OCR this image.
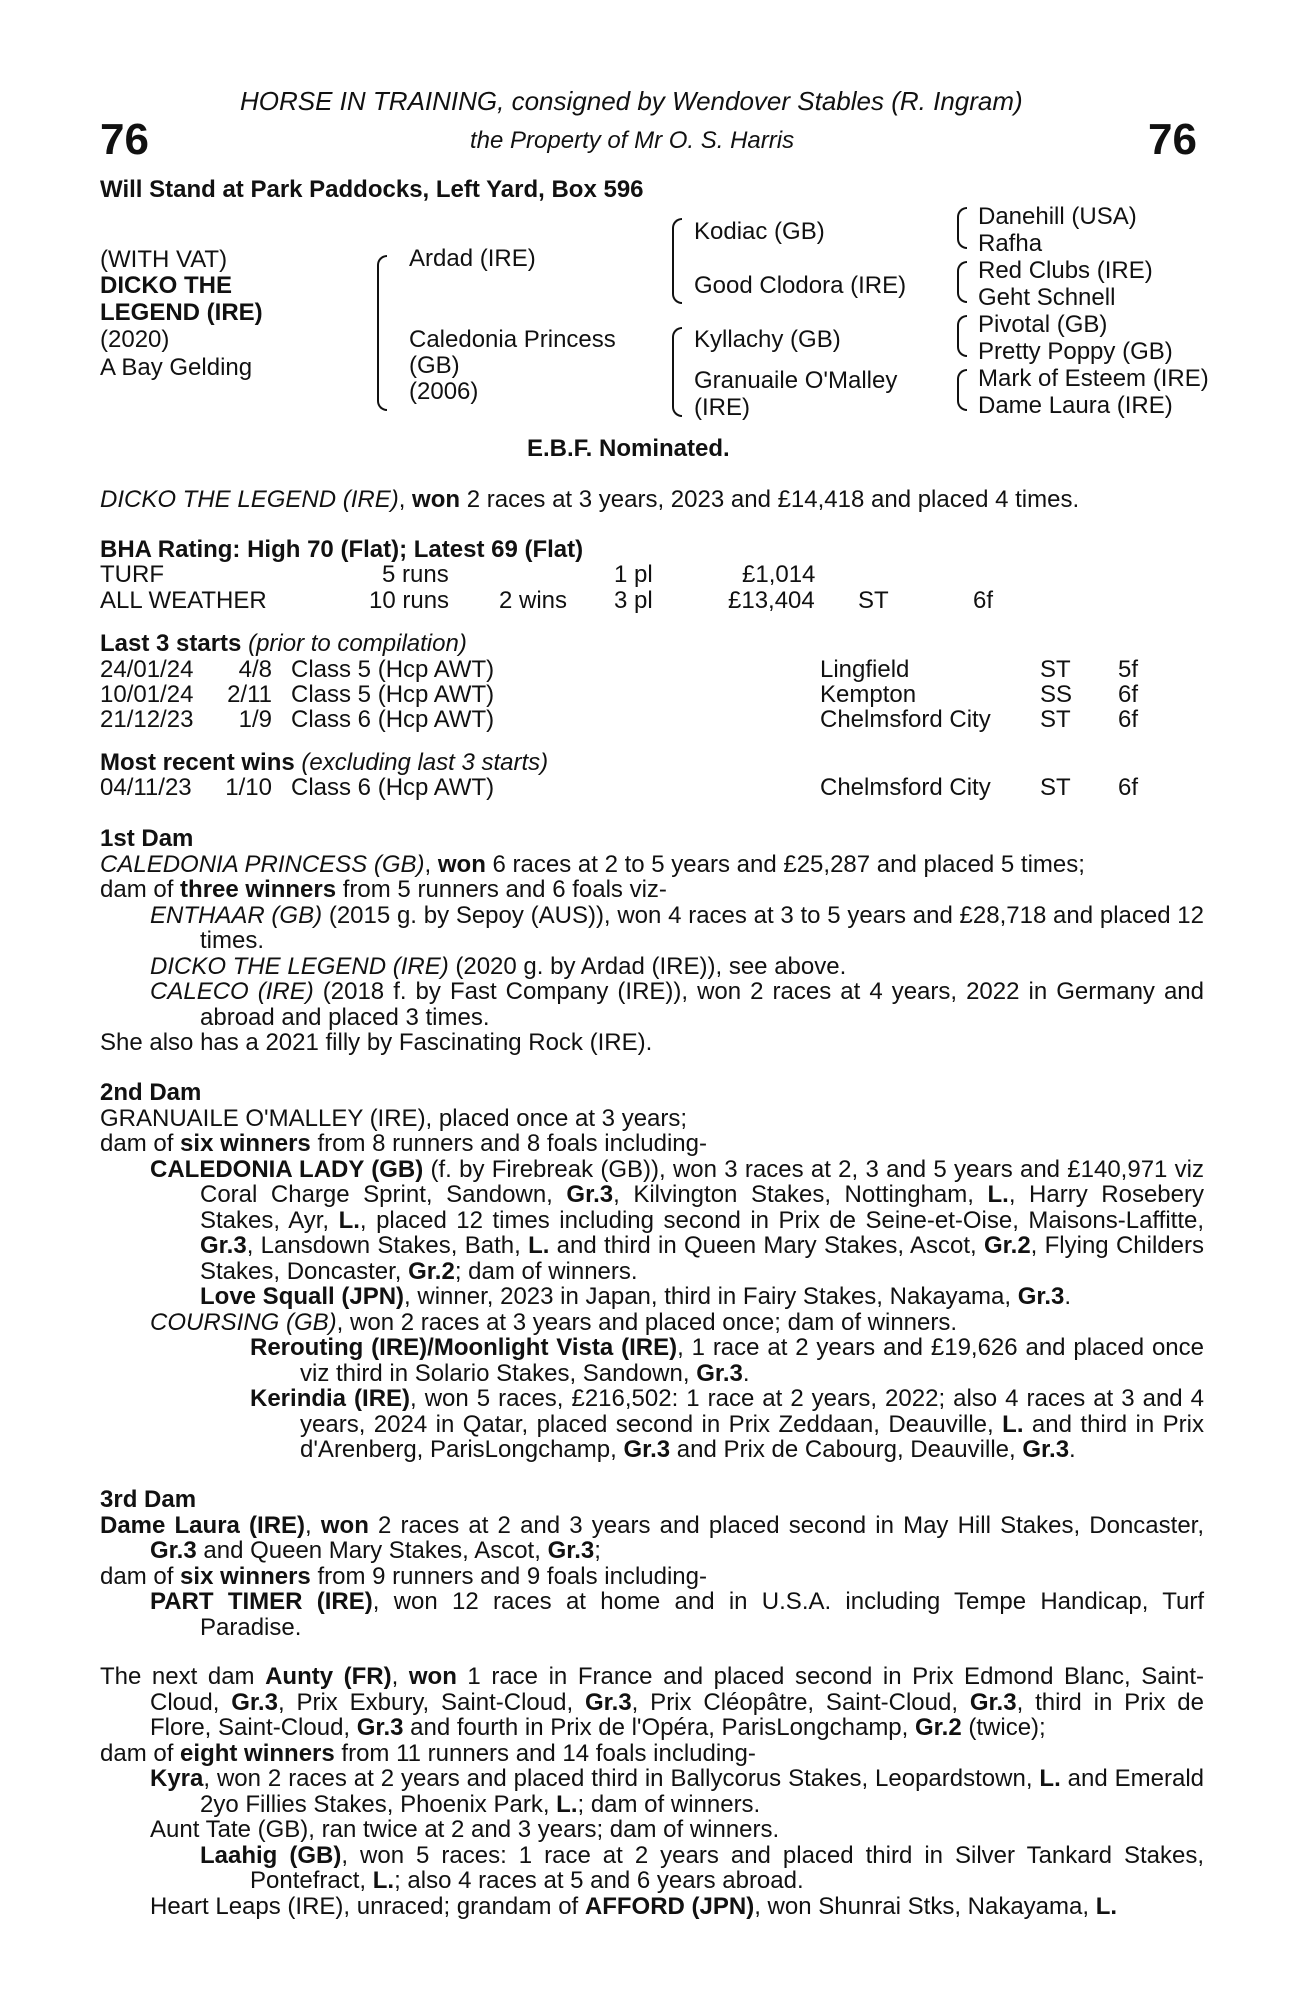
HORSE IN TRAINING, consigned by Wendover Stables (R. Ingram)
76	the Property of Mr O. S. Harris	76
Will Stand at Park Paddocks, Left Yard, Box 596
(WITH VAT)
DICKO THE
LEGEND (IRE)
(2020)
A Bay Gelding
Ardad (IRE)
Caledonia Princess
(GB)
(2006)
Kodiac (GB)
Good Clodora (IRE)
Kyllachy (GB)
Granuaile O'Malley
(IRE)
Danehill (USA)
Rafha
Red Clubs (IRE)
Geht Schnell
Pivotal (GB)
Pretty Poppy (GB)
Mark of Esteem (IRE)
Dame Laura (IRE)
E.B.F. Nominated.
DICKO THE LEGEND (IRE), won 2 races at 3 years, 2023 and £14,418 and placed 4 times.
BHA Rating: High 70 (Flat); Latest 69 (Flat)
TURF	5 runs	1 pl	£1,014
ALL WEATHER	10 runs 2 wins 3 pl	£13,404 ST	6f
Last 3 starts (prior to compilation)
24/01/24	4/8 Class 5 (Hcp AWT)	Lingfield	ST 5f
10/01/24	2/11 Class 5 (Hcp AWT)	Kempton	SS 6f
21/12/23	1/9 Class 6 (Hcp AWT)	Chelmsford City ST 6f
Most recent wins (excluding last 3 starts)
04/11/23	1/10 Class 6 (Hcp AWT)	Chelmsford City ST 6f

1st Dam

CALEDONIA PRINCESS (GB), won 6 races at 2 to 5 years and £25,287 and placed 5 times;

dam of three winners from 5 runners and 6 foals viz-

ENTHAAR (GB) (2015 g. by Sepoy (AUS)), won 4 races at 3 to 5 years and £28,718 and placed 12 times.

DICKO THE LEGEND (IRE) (2020 g. by Ardad (IRE)), see above.

CALECO (IRE) (2018 f. by Fast Company (IRE)), won 2 races at 4 years, 2022 in Germany and abroad and placed 3 times.

She also has a 2021 filly by Fascinating Rock (IRE).

2nd Dam

GRANUAILE O'MALLEY (IRE), placed once at 3 years;

dam of six winners from 8 runners and 8 foals including-

CALEDONIA LADY (GB) (f. by Firebreak (GB)), won 3 races at 2, 3 and 5 years and £140,971 viz Coral Charge Sprint, Sandown, Gr.3, Kilvington Stakes, Nottingham, L., Harry Rosebery Stakes, Ayr, L., placed 12 times including second in Prix de Seine-et-Oise, Maisons-Laffitte, Gr.3, Lansdown Stakes, Bath, L. and third in Queen Mary Stakes, Ascot, Gr.2, Flying Childers Stakes, Doncaster, Gr.2; dam of winners.

Love Squall (JPN), winner, 2023 in Japan, third in Fairy Stakes, Nakayama, Gr.3.

COURSING (GB), won 2 races at 3 years and placed once; dam of winners.

Rerouting (IRE)/Moonlight Vista (IRE), 1 race at 2 years and £19,626 and placed once viz third in Solario Stakes, Sandown, Gr.3.

Kerindia (IRE), won 5 races, £216,502: 1 race at 2 years, 2022; also 4 races at 3 and 4 years, 2024 in Qatar, placed second in Prix Zeddaan, Deauville, L. and third in Prix d'Arenberg, ParisLongchamp, Gr.3 and Prix de Cabourg, Deauville, Gr.3.

3rd Dam

Dame Laura (IRE), won 2 races at 2 and 3 years and placed second in May Hill Stakes, Doncaster, Gr.3 and Queen Mary Stakes, Ascot, Gr.3;

dam of six winners from 9 runners and 9 foals including-

PART TIMER (IRE), won 12 races at home and in U.S.A. including Tempe Handicap, Turf Paradise.

The next dam Aunty (FR), won 1 race in France and placed second in Prix Edmond Blanc, Saint-Cloud, Gr.3, Prix Exbury, Saint-Cloud, Gr.3, Prix Cléopâtre, Saint-Cloud, Gr.3, third in Prix de Flore, Saint-Cloud, Gr.3 and fourth in Prix de l'Opéra, ParisLongchamp, Gr.2 (twice);

dam of eight winners from 11 runners and 14 foals including-

Kyra, won 2 races at 2 years and placed third in Ballycorus Stakes, Leopardstown, L. and Emerald 2yo Fillies Stakes, Phoenix Park, L.; dam of winners.

Aunt Tate (GB), ran twice at 2 and 3 years; dam of winners.

Laahig (GB), won 5 races: 1 race at 2 years and placed third in Silver Tankard Stakes, Pontefract, L.; also 4 races at 5 and 6 years abroad.

Heart Leaps (IRE), unraced; grandam of AFFORD (JPN), won Shunrai Stks, Nakayama, L.
